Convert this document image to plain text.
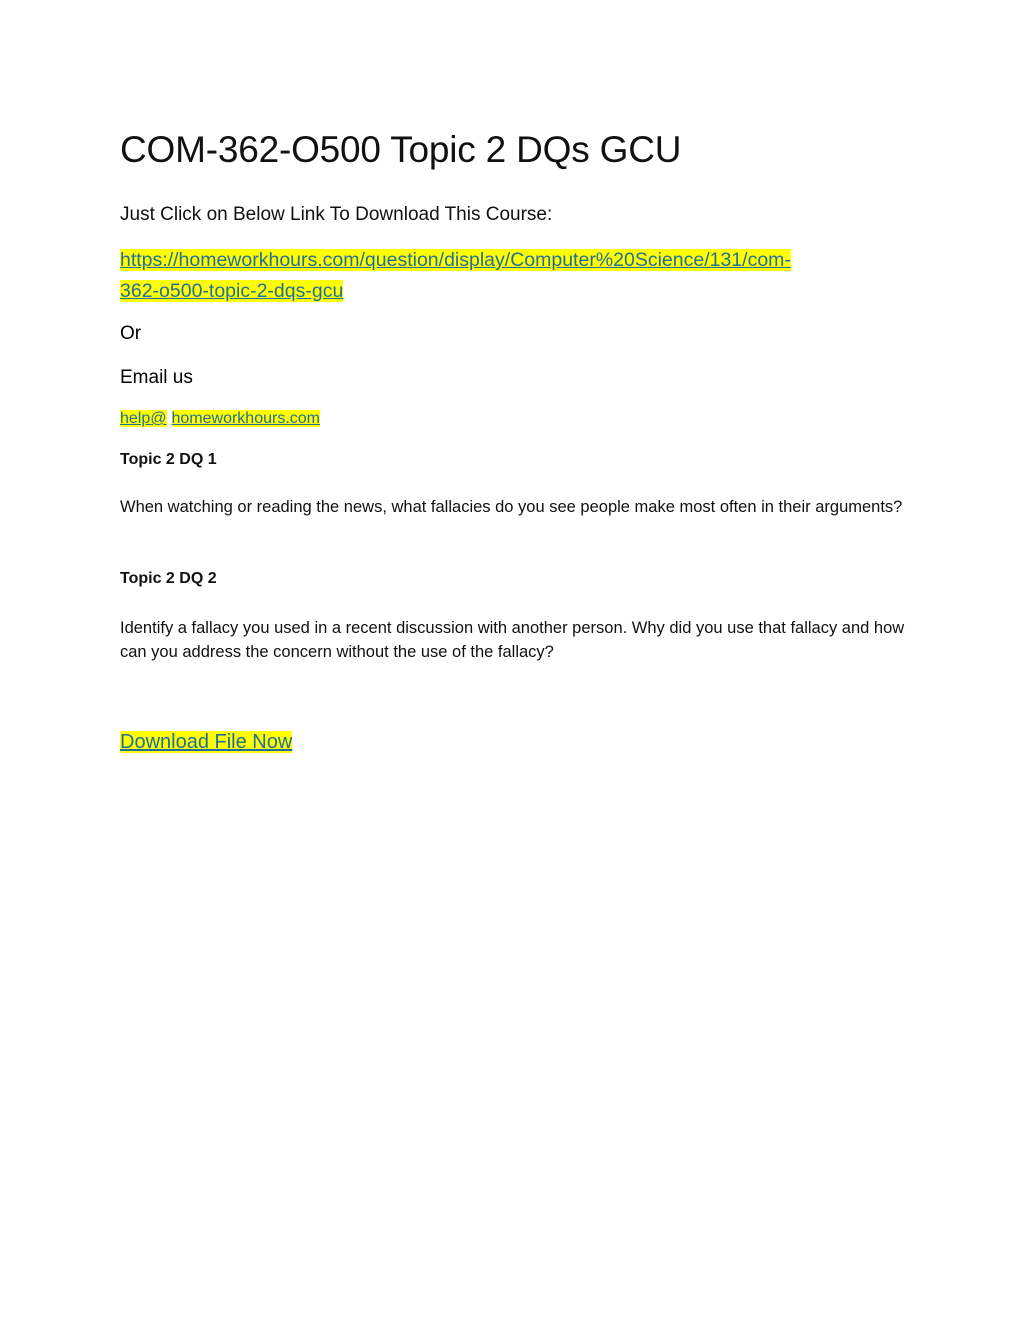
COM-362-O500 Topic 2 DQs GCU

Just Click on Below Link To Download This Course:

https://homeworkhours.com/question/display/Computer%20Science/131/com-
362-o500-topic-2-dqs-gcu

Or

Email us

help@ homeworkhours.com

Topic 2 DQ 1

When watching or reading the news, what fallacies do you see people make most often in their arguments?

Topic 2 DQ 2

Identify a fallacy you used in a recent discussion with another person. Why did you use that fallacy and how can you address the concern without the use of the fallacy?

Download File Now
